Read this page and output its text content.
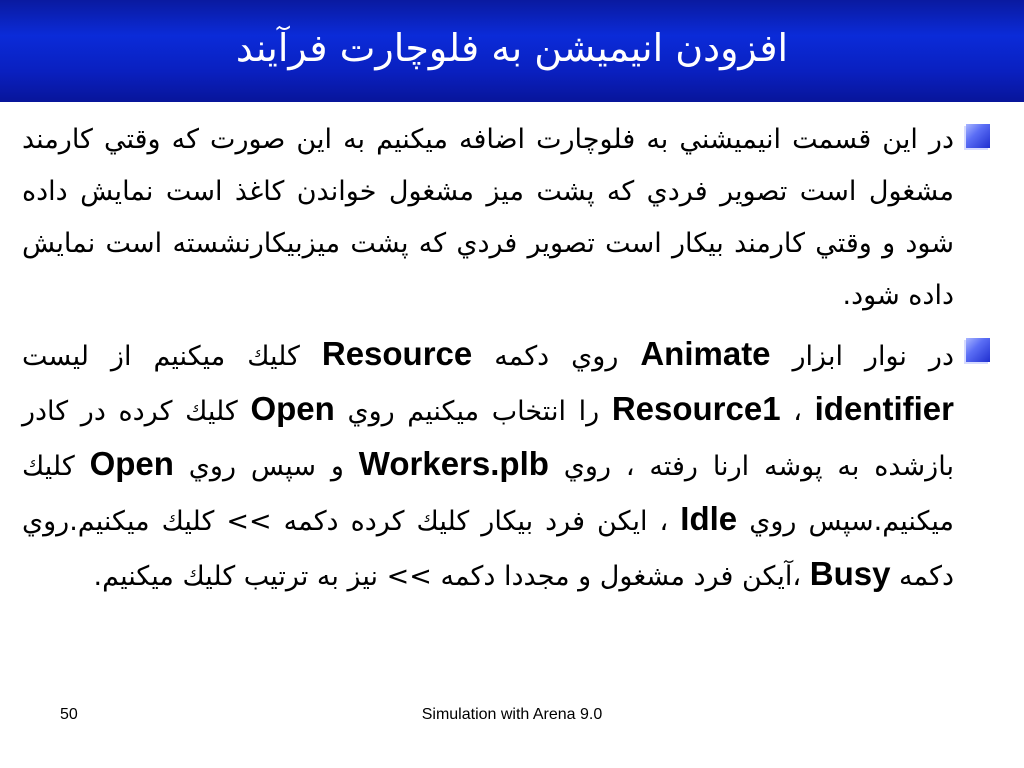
افزودن انیمیشن به فلوچارت فرآیند
در اين قسمت انيميشني به فلوچارت اضافه ميكنيم به اين صورت كه وقتي كارمند مشغول است تصوير فردي كه پشت ميز مشغول خواندن كاغذ است نمايش داده شود و وقتي كارمند بيكار است تصوير فردي كه پشت ميزبيكارنشسته است نمايش داده شود.
در نوار ابزار Animate روي دكمه Resource كليك ميكنيم از ليست identifier ، Resource1 را انتخاب ميكنيم روي Open كليك كرده در كادر بازشده به پوشه ارنا رفته ، روي Workers.plb و سپس روي Open كليك ميكنيم.سپس روي Idle ، ايكن فرد بيكار كليك كرده دكمه >> كليك ميكنيم.روي دكمه Busy ،آيكن فرد مشغول و مجددا دكمه >> نيز به ترتيب كليك ميكنيم.
50	Simulation with Arena 9.0
